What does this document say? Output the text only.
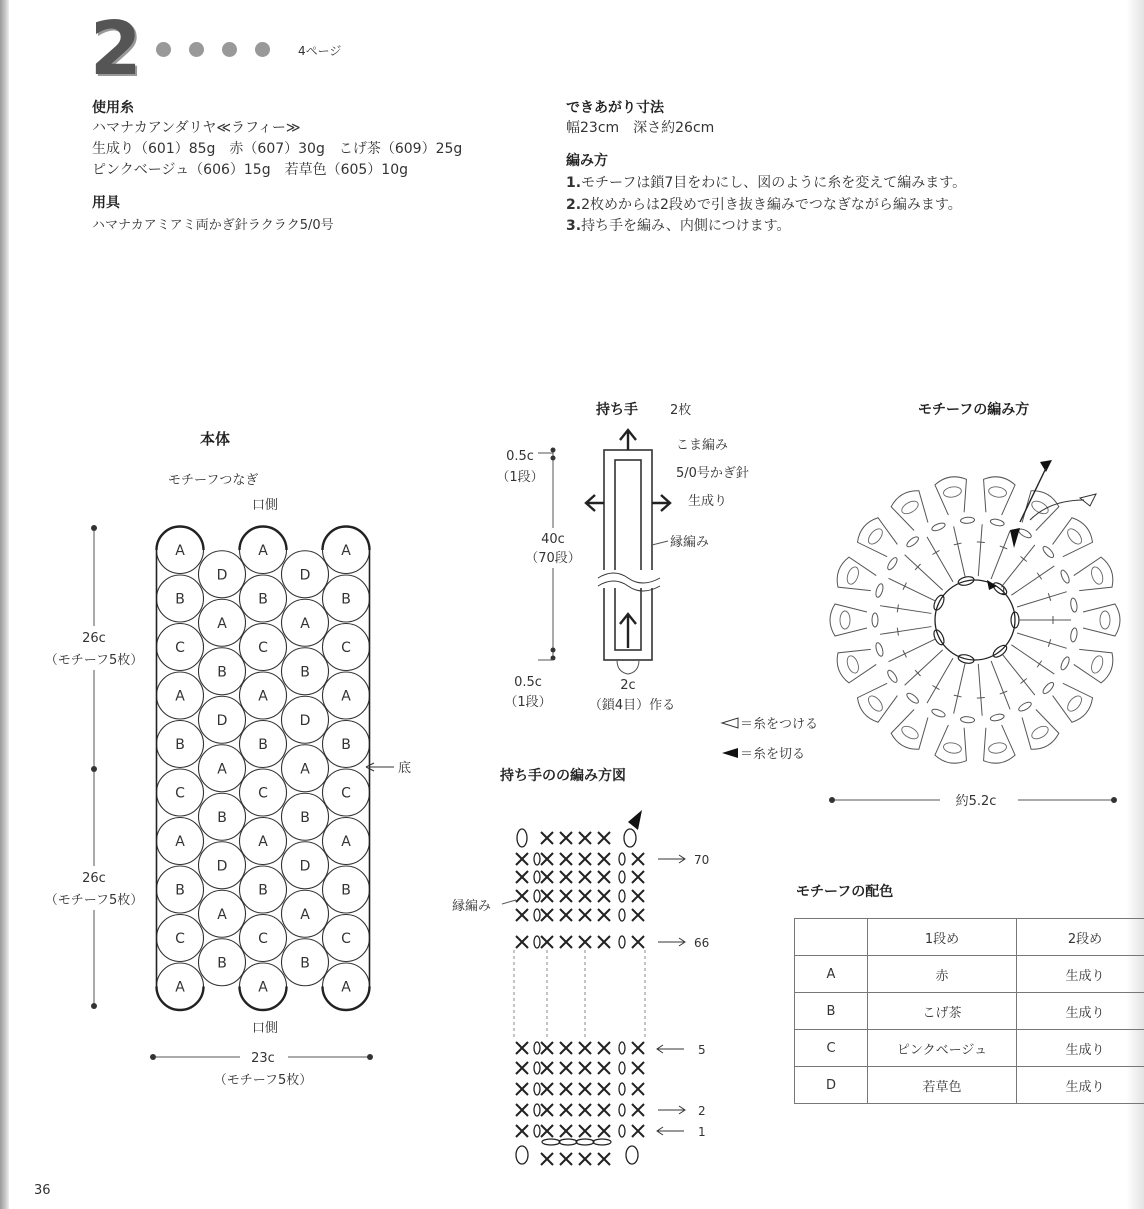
2	4ページ
使用糸
ハマナカアンダリヤ≪ラフィー≫
生成り（601）85g　赤（607）30g　こげ茶（609）25g
ピンクベージュ（606）15g　若草色（605）10g
用具
ハマナカアミアミ両かぎ針ラクラク5/0号
できあがり寸法
幅23cm　深さ約26cm
編み方
1.モチーフは鎖7目をわにし、図のように糸を変えて編みます。
2.2枚めからは2段めで引き抜き編みでつなぎながら編みます。
3.持ち手を編み、内側につけます。
本体
モチーフつなぎ
口側
口側
D
A
B
D
A
B
D
A
B
D
A
B
D
A
B
D
A
B
A
B
C
A
B
C
A
B
C
A
A
B
C
A
B
C
A
B
C
A
A
B
C
A
B
C
A
B
C
A
26c
（モチーフ5枚）
26c
（モチーフ5枚）
底
23c
（モチーフ5枚）
持ち手 2枚
0.5c
（1段）
40c
（70段）
0.5c
（1段）
2c
（鎖4目）作る
こま編み
5/0号かぎ針
生成り
縁編み
持ち手のの編み方図
縁編み
70
66
5
2
1
モチーフの編み方
1
約5.2c
＝糸をつける
＝糸を切る
モチーフの配色
	1段め	2段め
A	赤	生成り
B	こげ茶	生成り
C	ピンクベージュ	生成り
D	若草色	生成り
36
